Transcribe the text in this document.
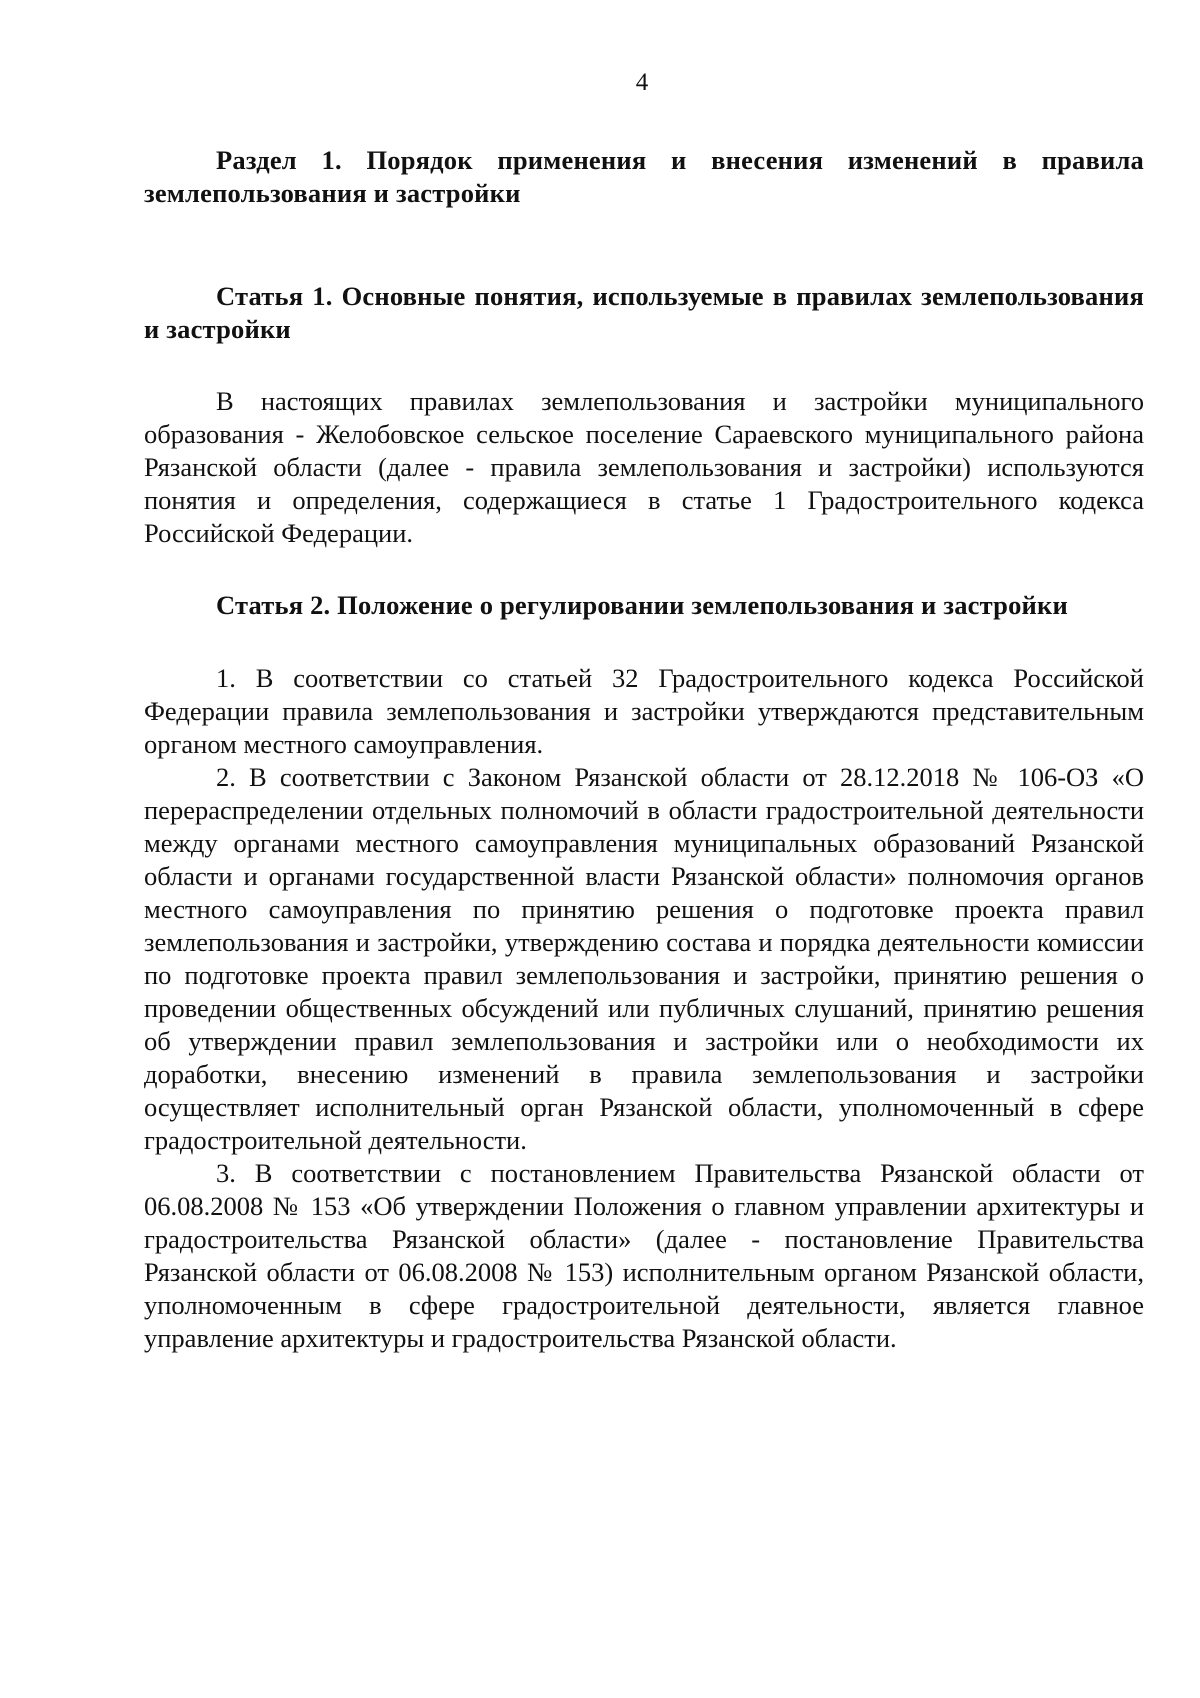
4

Раздел 1. Порядок применения и внесения изменений в правила землепользования и застройки

Статья 1. Основные понятия, используемые в правилах землепользования и застройки

В настоящих правилах землепользования и застройки муниципального образования - Желобовское сельское поселение Сараевского муниципального района Рязанской области (далее - правила землепользования и застройки) используются понятия и определения, содержащиеся в статье 1 Градостроительного кодекса Российской Федерации.

Статья 2. Положение о регулировании землепользования и застройки

1. В соответствии со статьей 32 Градостроительного кодекса Российской Федерации правила землепользования и застройки утверждаются представительным органом местного самоуправления.

2. В соответствии с Законом Рязанской области от 28.12.2018 № 106-ОЗ «О перераспределении отдельных полномочий в области градостроительной деятельности между органами местного самоуправления муниципальных образований Рязанской области и органами государственной власти Рязанской области» полномочия органов местного самоуправления по принятию решения о подготовке проекта правил землепользования и застройки, утверждению состава и порядка деятельности комиссии по подготовке проекта правил землепользования и застройки, принятию решения о проведении общественных обсуждений или публичных слушаний, принятию решения об утверждении правил землепользования и застройки или о необходимости их доработки, внесению изменений в правила землепользования и застройки осуществляет исполнительный орган Рязанской области, уполномоченный в сфере градостроительной деятельности.

3. В соответствии с постановлением Правительства Рязанской области от 06.08.2008 № 153 «Об утверждении Положения о главном управлении архитектуры и градостроительства Рязанской области» (далее - постановление Правительства Рязанской области от 06.08.2008 № 153) исполнительным органом Рязанской области, уполномоченным в сфере градостроительной деятельности, является главное управление архитектуры и градостроительства Рязанской области.
